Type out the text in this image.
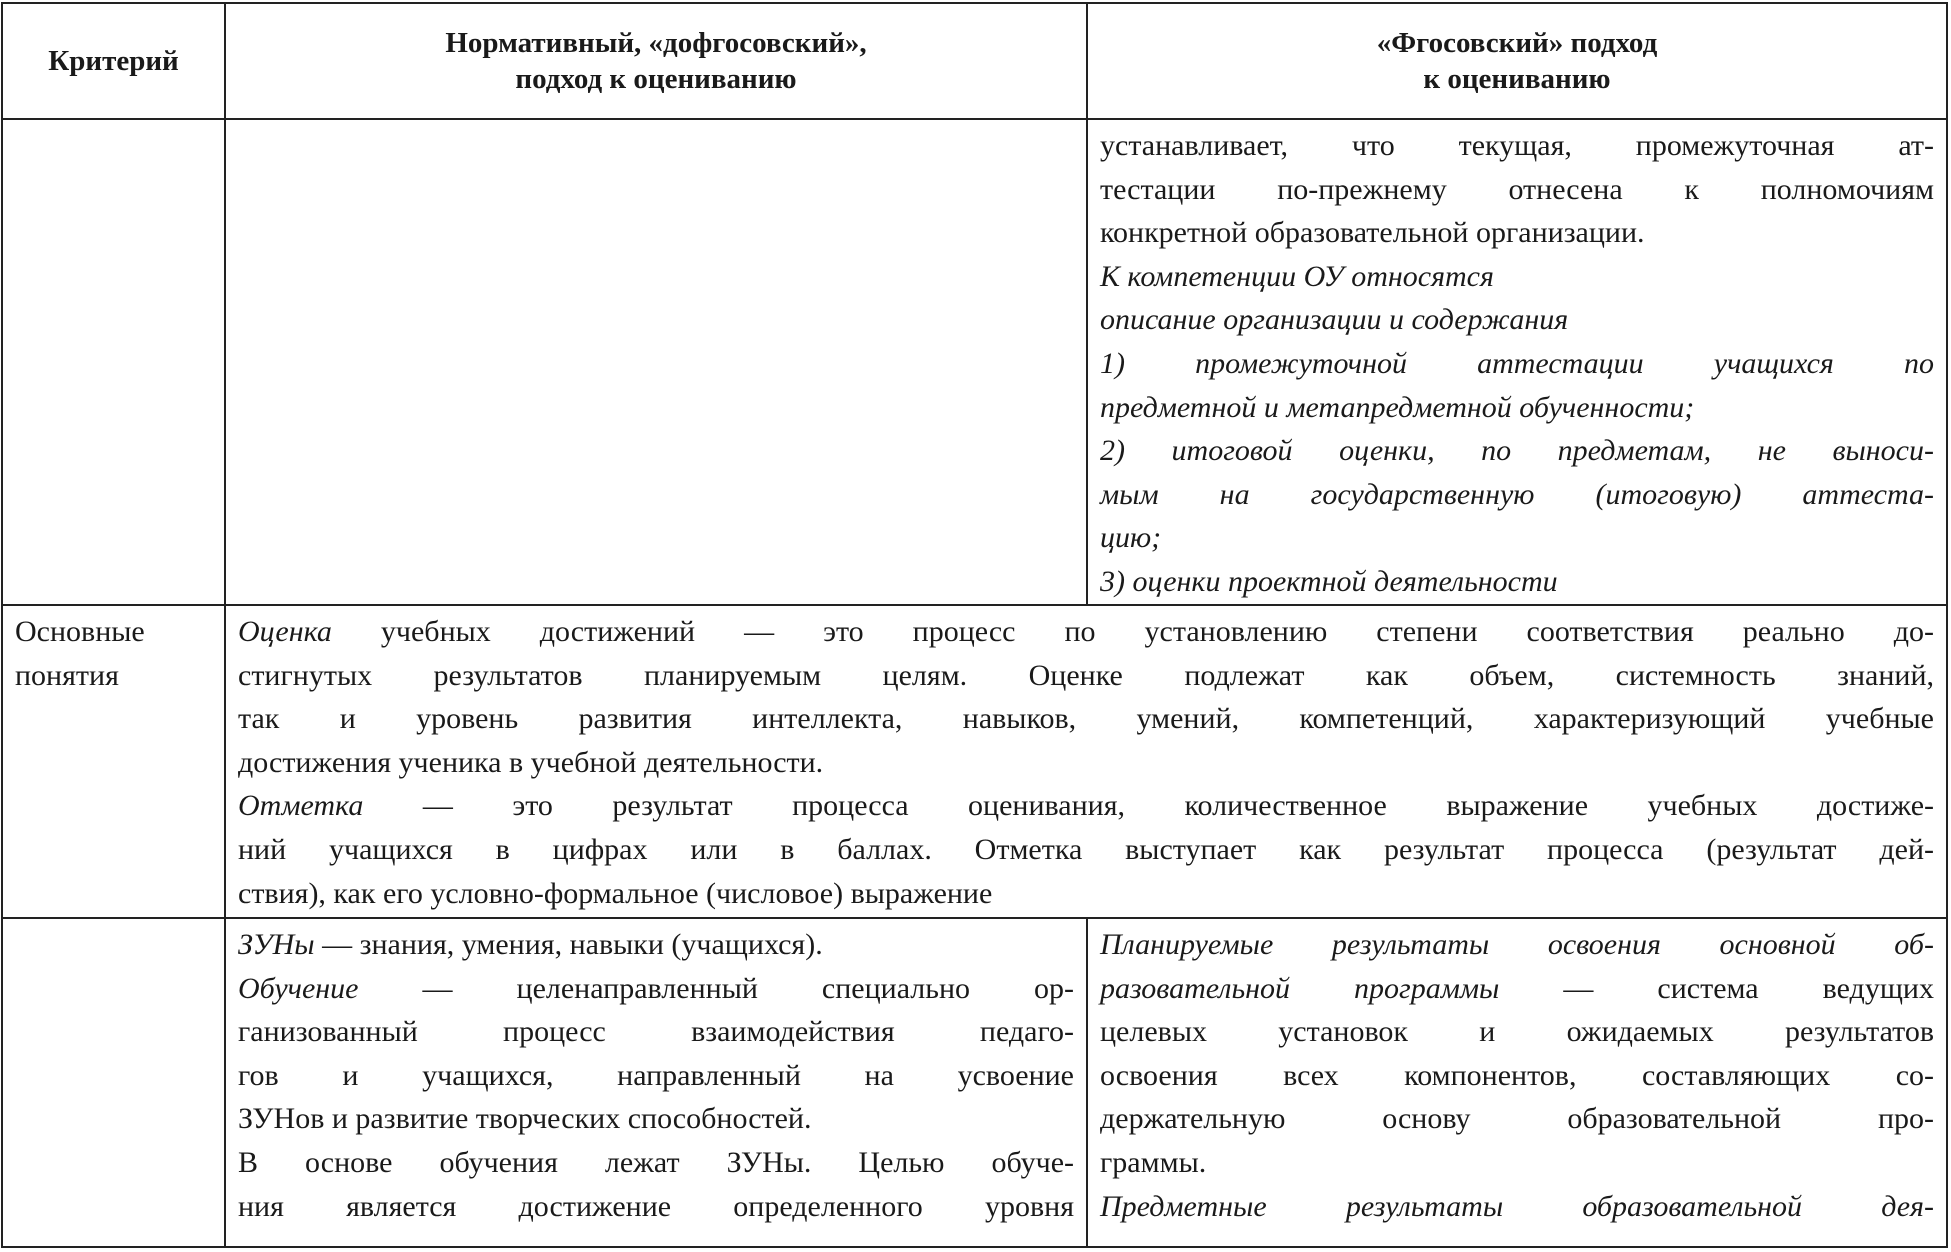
Критерий
Нормативный, «дофгосовский»,
подход к оцениванию
«Фгосовский» подход
к оцениванию
устанавливает, что текущая, промежуточная ат-
тестации по-прежнему отнесена к полномочиям
конкретной образовательной организации.
К компетенции ОУ относятся
описание организации и содержания
1) промежуточной аттестации учащихся по
предметной и метапредметной обученности;
2) итоговой оценки, по предметам, не выноси-
мым на государственную (итоговую) аттеста-
цию;
3) оценки проектной деятельности
Основные
понятия
Оценка учебных достижений — это процесс по установлению степени соответствия реально до-
стигнутых результатов планируемым целям. Оценке подлежат как объем, системность знаний,
так и уровень развития интеллекта, навыков, умений, компетенций, характеризующий учебные
достижения ученика в учебной деятельности.
Отметка — это результат процесса оценивания, количественное выражение учебных достиже-
ний учащихся в цифрах или в баллах. Отметка выступает как результат процесса (результат дей-
ствия), как его условно-формальное (числовое) выражение
ЗУНы — знания, умения, навыки (учащихся).
Обучение — целенаправленный специально ор-
ганизованный процесс взаимодействия педаго-
гов и учащихся, направленный на усвоение
ЗУНов и развитие творческих способностей.
В основе обучения лежат ЗУНы. Целью обуче-
ния является достижение определенного уровня
Планируемые результаты освоения основной об-
разовательной программы — система ведущих
целевых установок и ожидаемых результатов
освоения всех компонентов, составляющих со-
держательную основу образовательной про-
граммы.
Предметные результаты образовательной дея-
